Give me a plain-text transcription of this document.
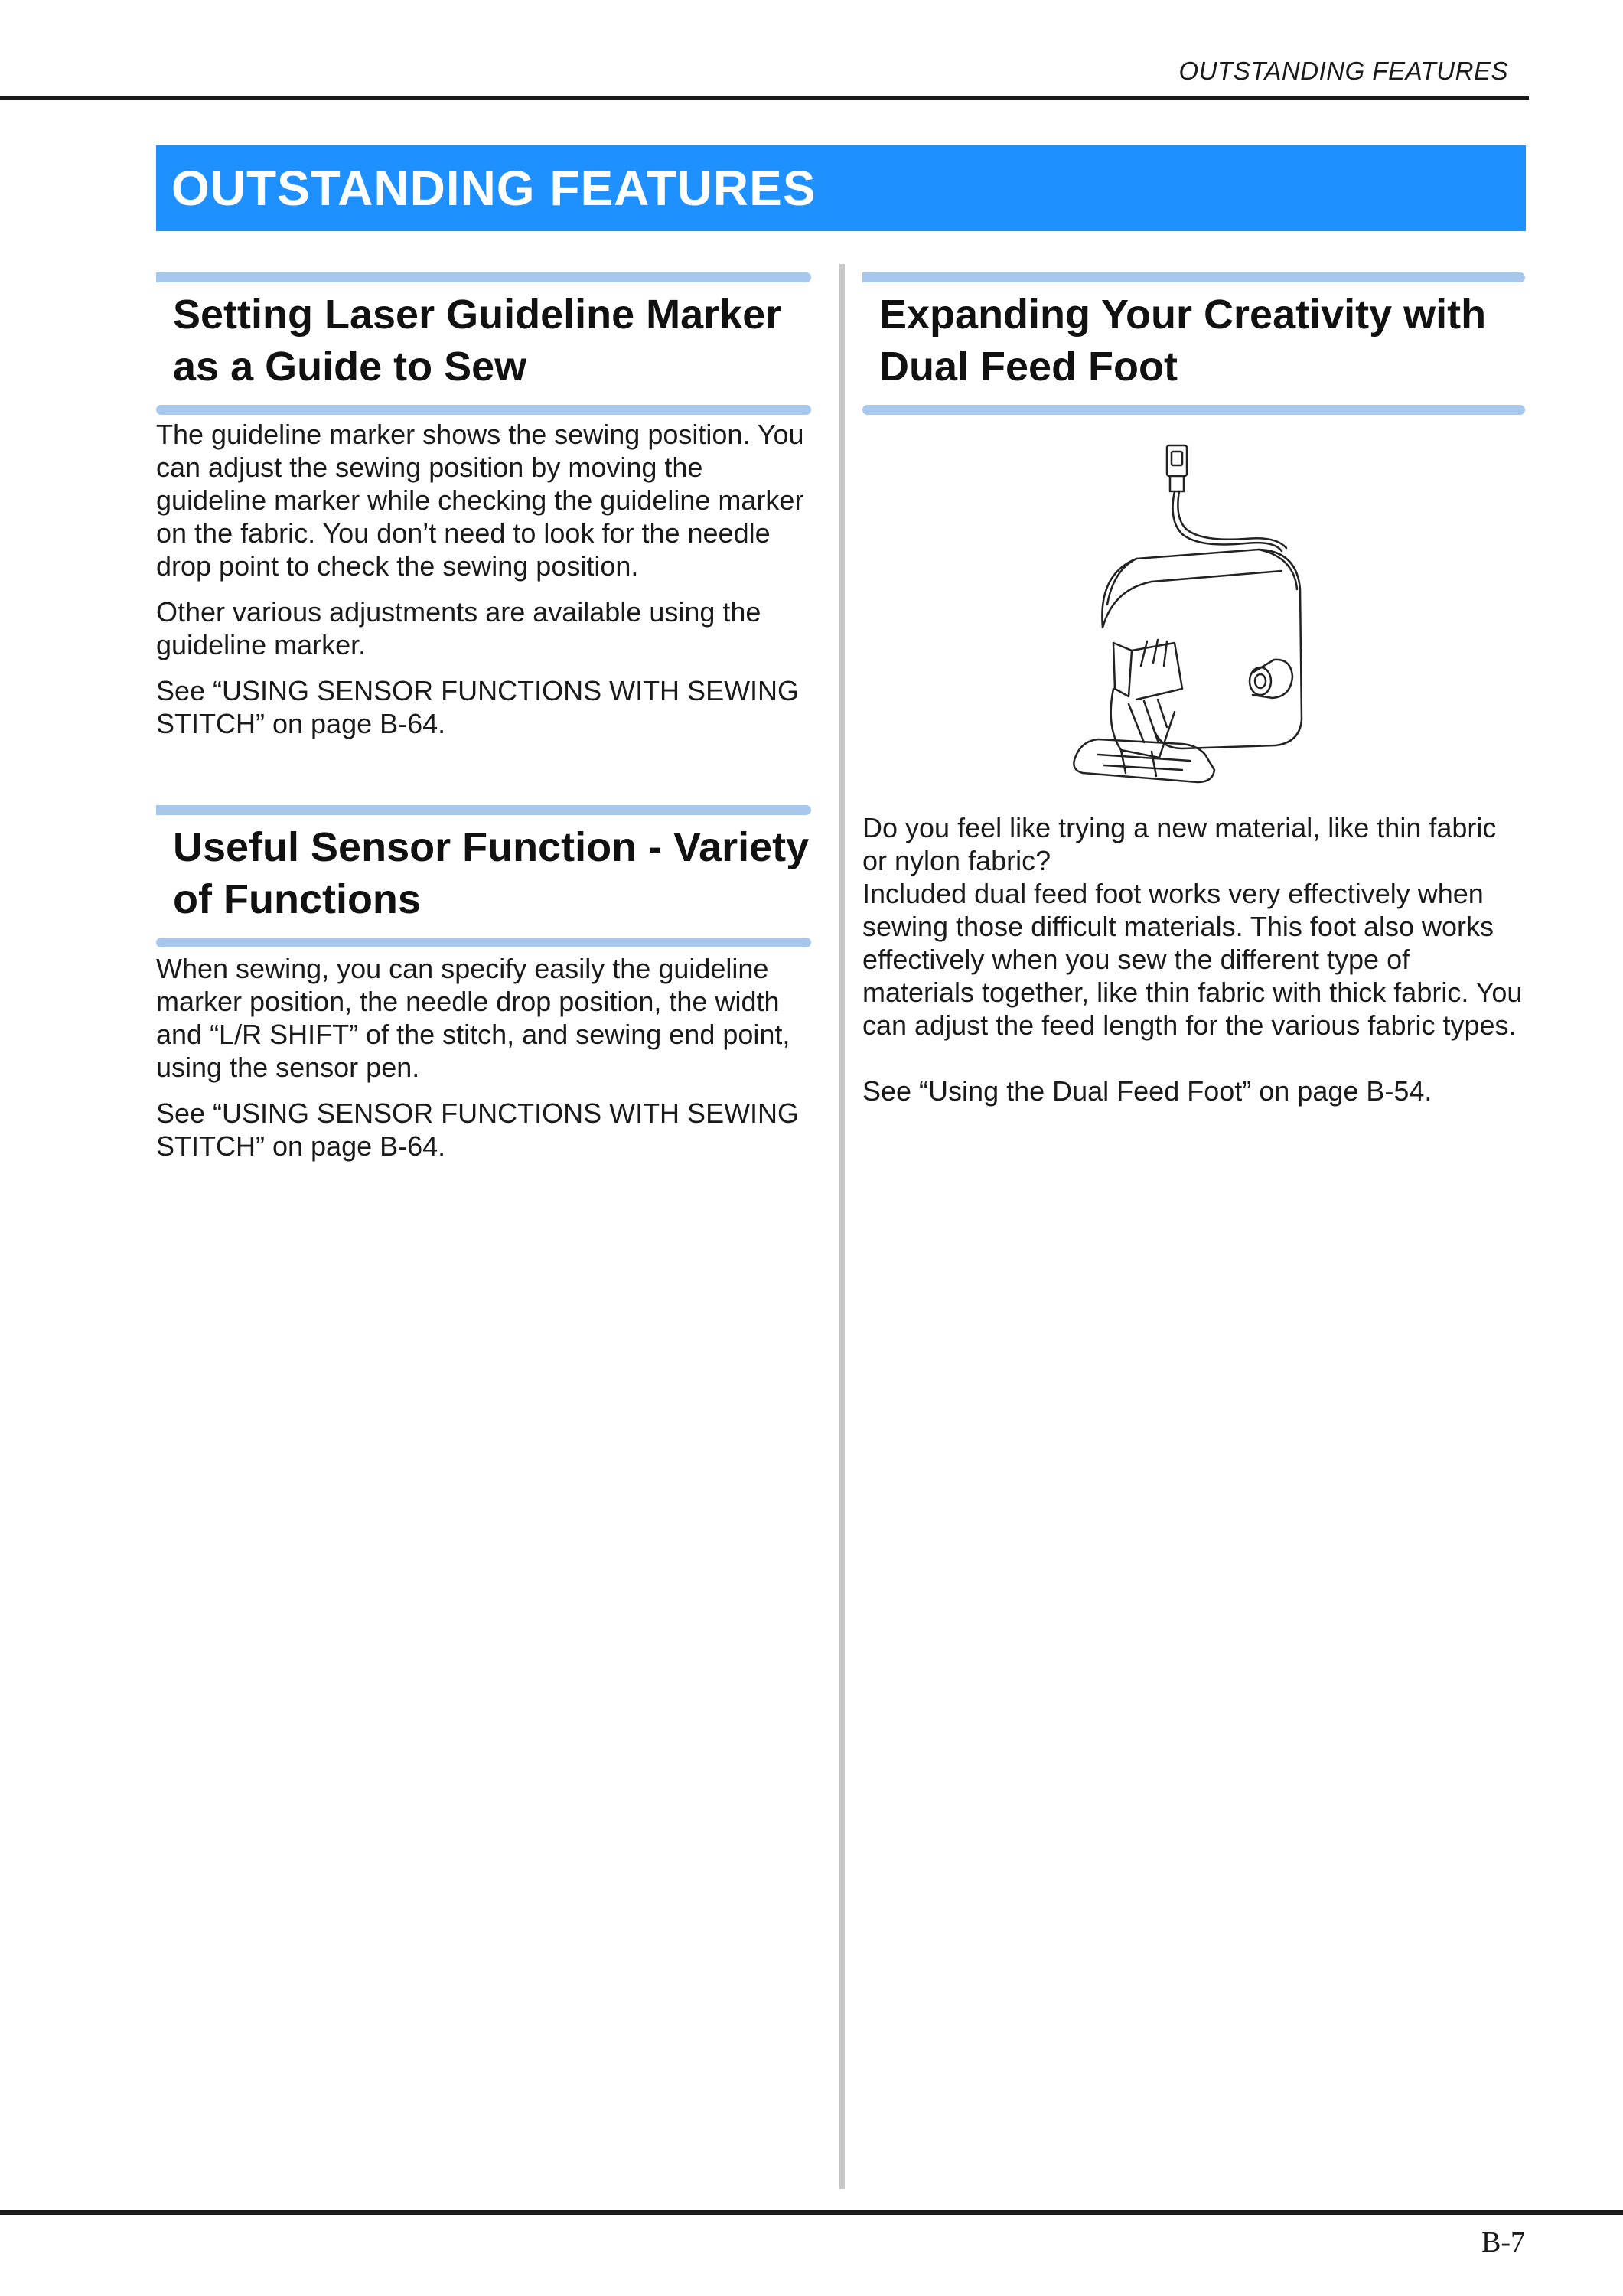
OUTSTANDING FEATURES
OUTSTANDING FEATURES
Setting Laser Guideline Marker
as a Guide to Sew

The guideline marker shows the sewing position. You can adjust the sewing position by moving the guideline marker while checking the guideline marker on the fabric. You don’t need to look for the needle drop point to check the sewing position.

Other various adjustments are available using the guideline marker.

See “USING SENSOR FUNCTIONS WITH SEWING STITCH” on page B-64.

Useful Sensor Function - Variety
of Functions

When sewing, you can specify easily the guideline marker position, the needle drop position, the width and “L/R SHIFT” of the stitch, and sewing end point, using the sensor pen.

See “USING SENSOR FUNCTIONS WITH SEWING STITCH” on page B-64.

Expanding Your Creativity with
Dual Feed Foot
Do you feel like trying a new material, like thin fabric or nylon fabric?
Included dual feed foot works very effectively when sewing those difficult materials. This foot also works effectively when you sew the different type of materials together, like thin fabric with thick fabric. You can adjust the feed length for the various fabric types.
See “Using the Dual Feed Foot” on page B-54.
B-7
